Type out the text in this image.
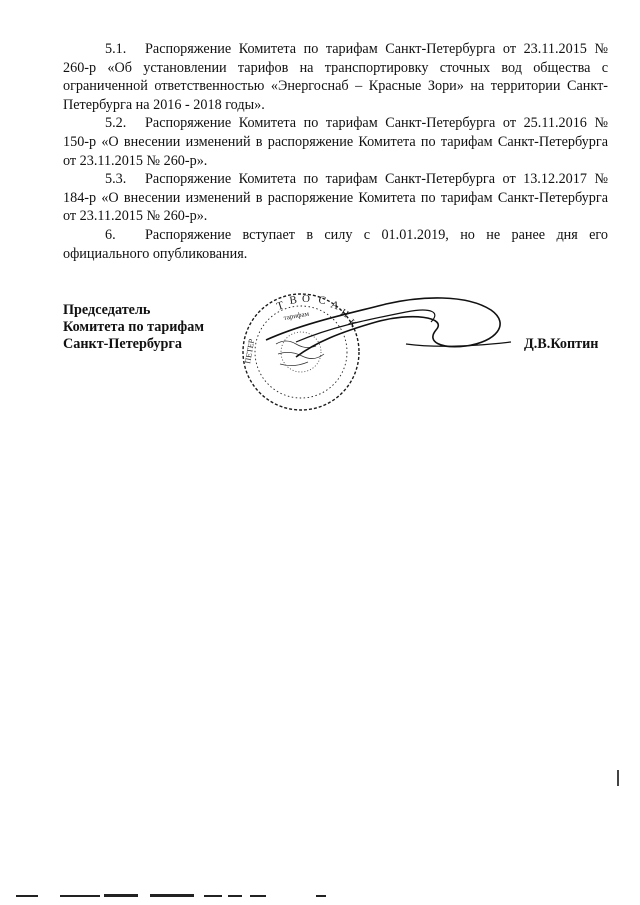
5.1. Распоряжение Комитета по тарифам Санкт-Петербурга от 23.11.2015 № 260-р «Об установлении тарифов на транспортировку сточных вод общества с ограниченной ответственностью «Энергоснаб – Красные Зори» на территории Санкт-Петербурга на 2016 - 2018 годы».

5.2. Распоряжение Комитета по тарифам Санкт-Петербурга от 25.11.2016 № 150-р «О внесении изменений в распоряжение Комитета по тарифам Санкт-Петербурга от 23.11.2015 № 260-р».

5.3. Распоряжение Комитета по тарифам Санкт-Петербурга от 13.12.2017 № 184-р «О внесении изменений в распоряжение Комитета по тарифам Санкт-Петербурга от 23.11.2015 № 260-р».

6. Распоряжение вступает в силу с 01.01.2019, но не ранее дня его официального опубликования.

Председатель
Комитета по тарифам
Санкт-Петербурга
Т В О С А
Н
К
тарифам
ПЕТЕР	Д.В.Коптин
